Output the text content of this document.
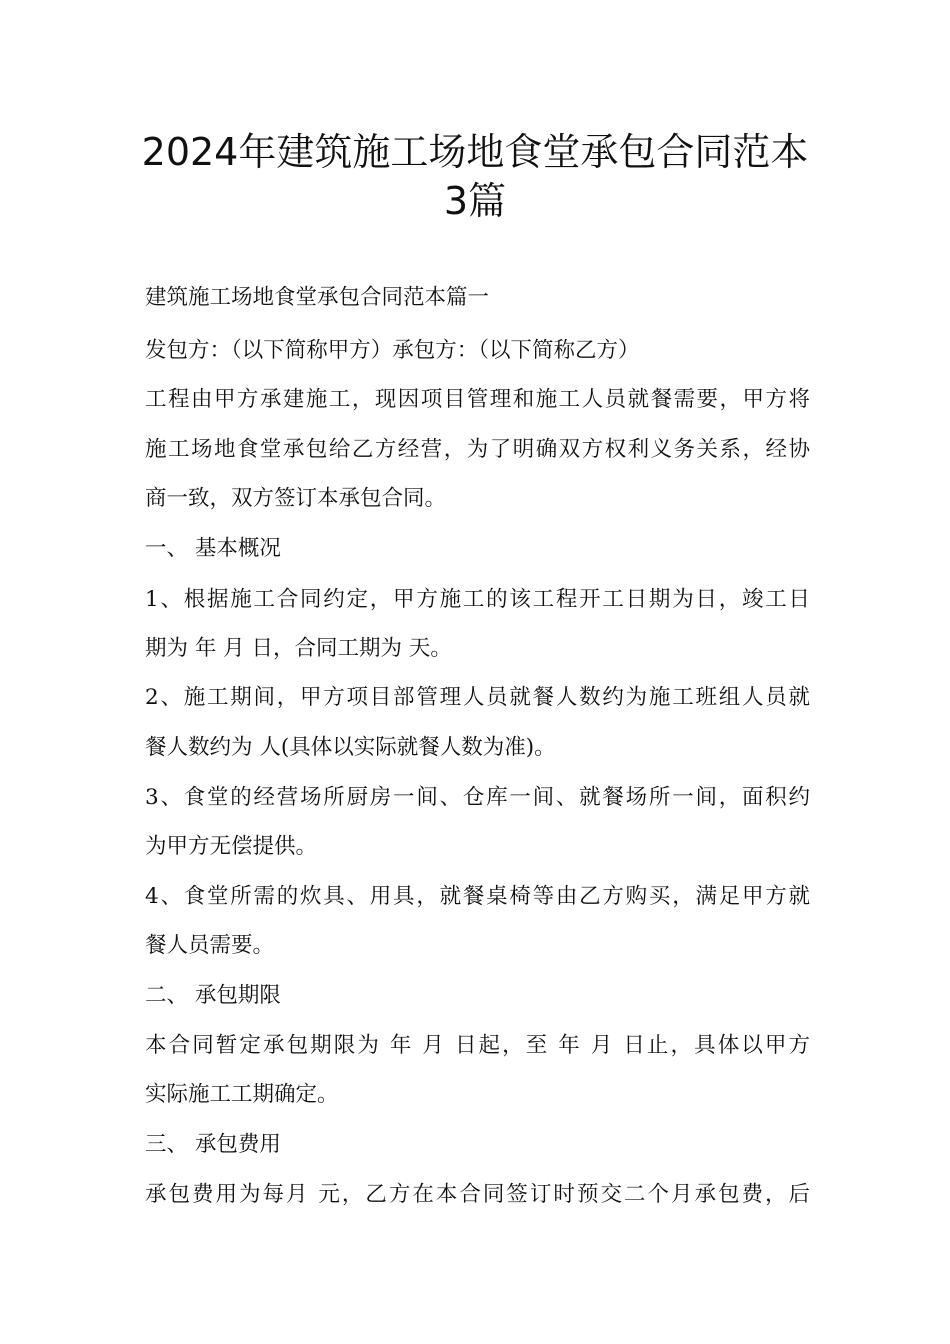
2024年建筑施工场地食堂承包合同范本
3篇

建筑施工场地食堂承包合同范本篇一

发包方：（以下简称甲方）承包方：（以下简称乙方）

工程由甲方承建施工，现因项目管理和施工人员就餐需要，甲方将

施工场地食堂承包给乙方经营，为了明确双方权利义务关系，经协

商一致，双方签订本承包合同。

一、 基本概况

1、根据施工合同约定，甲方施工的该工程开工日期为日，竣工日

期为 年 月 日，合同工期为 天。

2、施工期间，甲方项目部管理人员就餐人数约为施工班组人员就

餐人数约为 人(具体以实际就餐人数为准)。

3、食堂的经营场所厨房一间、仓库一间、就餐场所一间，面积约

为甲方无偿提供。

4、食堂所需的炊具、用具，就餐桌椅等由乙方购买，满足甲方就

餐人员需要。

二、 承包期限

本合同暂定承包期限为 年 月 日起，至 年 月 日止，具体以甲方

实际施工工期确定。

三、 承包费用

承包费用为每月 元，乙方在本合同签订时预交二个月承包费，后
